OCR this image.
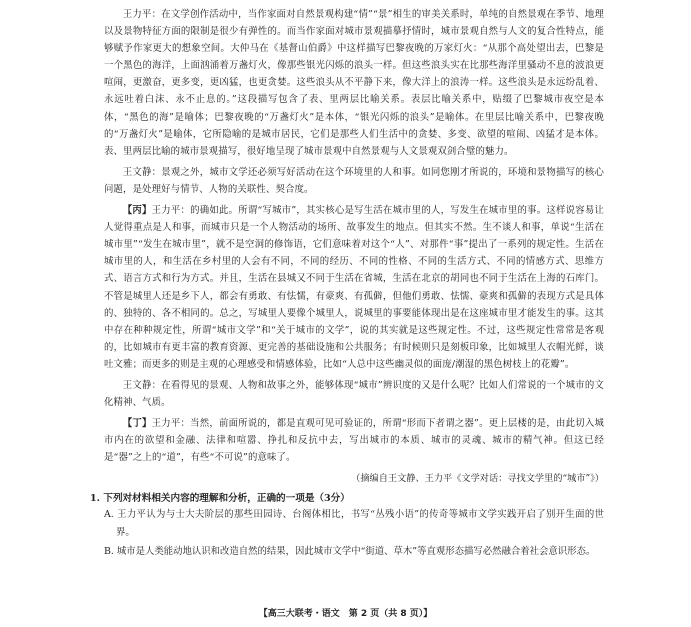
王力平：在文学创作活动中，当作家面对自然景观构建“情”“景”相生的审美关系时，单纯的自然景观在季节、地理以及景物特征方面的限制是很少有弹性的。而当作家面对城市景观描摹抒情时，城市景观自然与人文的复合性特点，能够赋予作家更大的想象空间。大仲马在《基督山伯爵》中这样描写巴黎夜晚的万家灯火：“从那个高处望出去，巴黎是一个黑色的海洋，上面汹涌着万盏灯火，像那些银光闪烁的浪头一样。但这些浪头实在比那些海洋里骚动不息的波浪更喧闹，更激奋，更多变，更凶猛，也更贪婪。这些浪头从不平静下来，像大洋上的浪涛一样。这些浪头是永远纷乱着、永远吐着白沫、永不止息的。”这段描写包含了表、里两层比喻关系。表层比喻关系中，贴缀了巴黎城市夜空是本体，“黑色的海”是喻体；巴黎夜晚的“万盏灯火”是本体，“银光闪烁的浪头”是喻体。在里层比喻关系中，巴黎夜晚的“万盏灯火”是喻体，它所隐喻的是城市居民，它们是那些人们生活中的贪婪、多变、欲望的喧闹、凶猛才是本体。表、里两层比喻的城市景观描写，很好地呈现了城市景观中自然景观与人文景观双剑合璧的魅力。

王文静：景观之外，城市文学还必须写好活动在这个环境里的人和事。如同您刚才所说的，环境和景物描写的核心问题，是处理好与情节、人物的关联性、契合度。

【丙】王力平：的确如此。所谓“写城市”，其实核心是写生活在城市里的人，写发生在城市里的事。这样说容易让人觉得重点是人和事，而城市只是一个人物活动的场所、故事发生的地点。但其实不然。生不谈人和事，单说“生活在城市里”“发生在城市里”，就不是空洞的修饰语，它们意味着对这个“人”、对那件“事”提出了一系列的规定性。生活在城市里的人，和生活在乡村里的人会有不同，不同的经历、不同的性格、不同的生活方式、不同的情感方式、思维方式、语言方式和行为方式。并且，生活在县城又不同于生活在省城，生活在北京的胡同也不同于生活在上海的石库门。不管是城里人还是乡下人，都会有勇敢、有怯懦，有豪爽、有孤僻，但他们勇敢、怯懦、豪爽和孤僻的表现方式是具体的、独特的、各不相同的。总之，写城里人要像个城里人，说城里的事要能体现出是在这座城市里才能发生的事。这其中存在种种规定性，所谓“城市文学”和“关于城市的文学”，说的其实就是这些规定性。不过，这些规定性常常是客观的，比如城市有更丰富的教育资源、更完善的基础设施和公共服务；有时候则只是刻板印象，比如城里人衣帽光鲜，谈吐文雅；而更多的则是主观的心理感受和情感体验，比如“人总中这些幽灵似的面庞/潮湿的黑色树枝上的花瓣”。

王文静：在看得见的景观、人物和故事之外，能够体现“城市”辨识度的又是什么呢？比如人们常说的一个城市的文化精神、气质。

【丁】王力平：当然，前面所说的，都是直观可见可验证的，所谓“形而下者谓之器”。更上层楼的是，由此切入城市内在的欲望和金融、法律和喧嚣、挣扎和反抗中去，写出城市的本质、城市的灵魂、城市的精气神。但这已经是“器”之上的“道”，有些“不可说”的意味了。

（摘编自王文静、王力平《文学对话：寻找文学里的“城市”》）

1. 下列对材料相关内容的理解和分析，正确的一项是（3分）
A. 王力平认为与士大夫阶层的那些田园诗、台阁体相比，书写“丛残小语”的传奇等城市文学实践开启了别开生面的世界。
B. 城市是人类能动地认识和改造自然的结果，因此城市文学中“街道、草木”等直观形态描写必然融合着社会意识形态。
【高三大联考・语文　第 2 页（共 8 页）】
